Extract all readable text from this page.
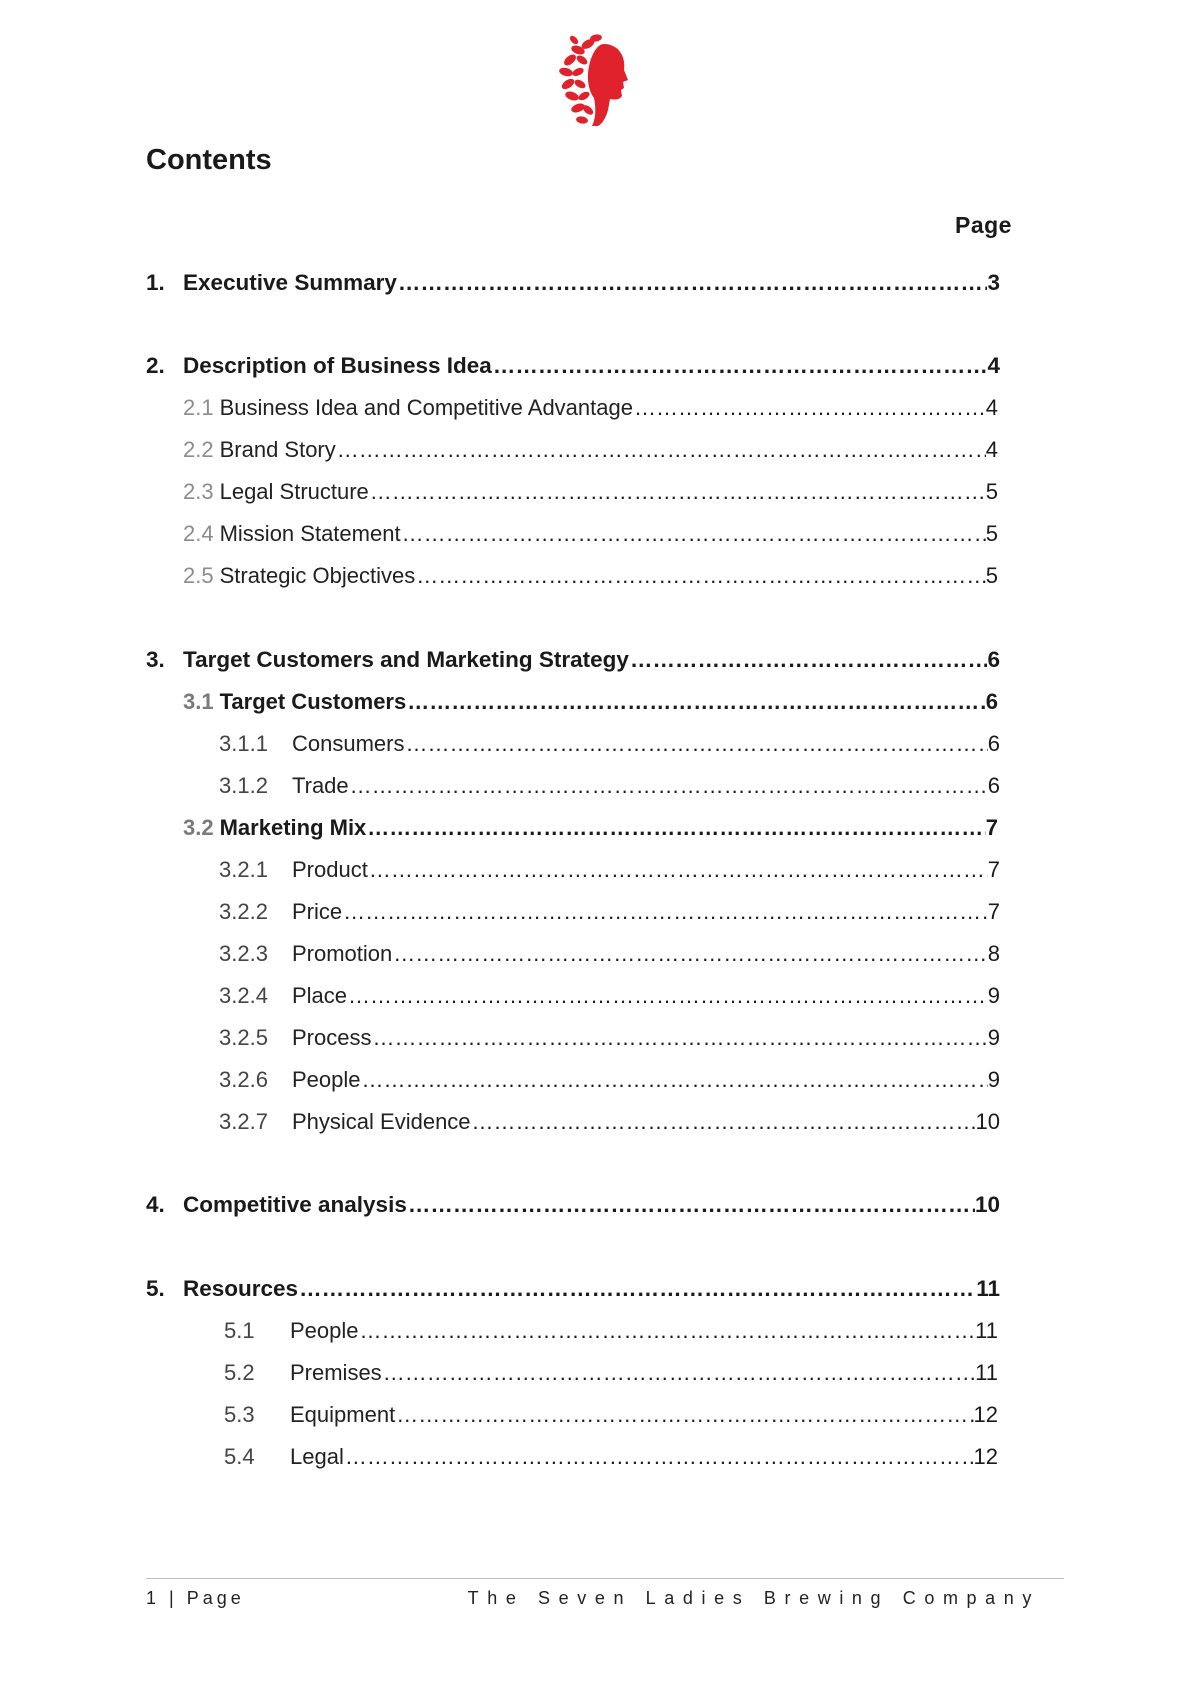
Contents
Page
1. Executive Summary …………………………………………………………………………………………………………………………	3
2. Description of Business Idea …………………………………………………………………………………………………………………………	4
2.1 Business Idea and Competitive Advantage …………………………………………………………………………………………………………………………	4
2.2 Brand Story …………………………………………………………………………………………………………………………	4
2.3 Legal Structure …………………………………………………………………………………………………………………………	5
2.4 Mission Statement …………………………………………………………………………………………………………………………	5
2.5 Strategic Objectives …………………………………………………………………………………………………………………………	5
3. Target Customers and Marketing Strategy …………………………………………………………………………………………………………………………	6
3.1 Target Customers …………………………………………………………………………………………………………………………	6
3.1.1	Consumers …………………………………………………………………………………………………………………………	6
3.1.2	Trade …………………………………………………………………………………………………………………………	6
3.2 Marketing Mix …………………………………………………………………………………………………………………………	7
3.2.1	Product …………………………………………………………………………………………………………………………	7
3.2.2	Price …………………………………………………………………………………………………………………………	7
3.2.3	Promotion …………………………………………………………………………………………………………………………	8
3.2.4	Place …………………………………………………………………………………………………………………………	9
3.2.5	Process …………………………………………………………………………………………………………………………	9
3.2.6	People …………………………………………………………………………………………………………………………	9
3.2.7	Physical Evidence …………………………………………………………………………………………………………………………	10
4. Competitive analysis …………………………………………………………………………………………………………………………	10
5. Resources …………………………………………………………………………………………………………………………	11
5.1	People …………………………………………………………………………………………………………………………	11
5.2	Premises …………………………………………………………………………………………………………………………	11
5.3	Equipment …………………………………………………………………………………………………………………………	12
5.4	Legal …………………………………………………………………………………………………………………………	12
1 | Page	The Seven Ladies Brewing Company
